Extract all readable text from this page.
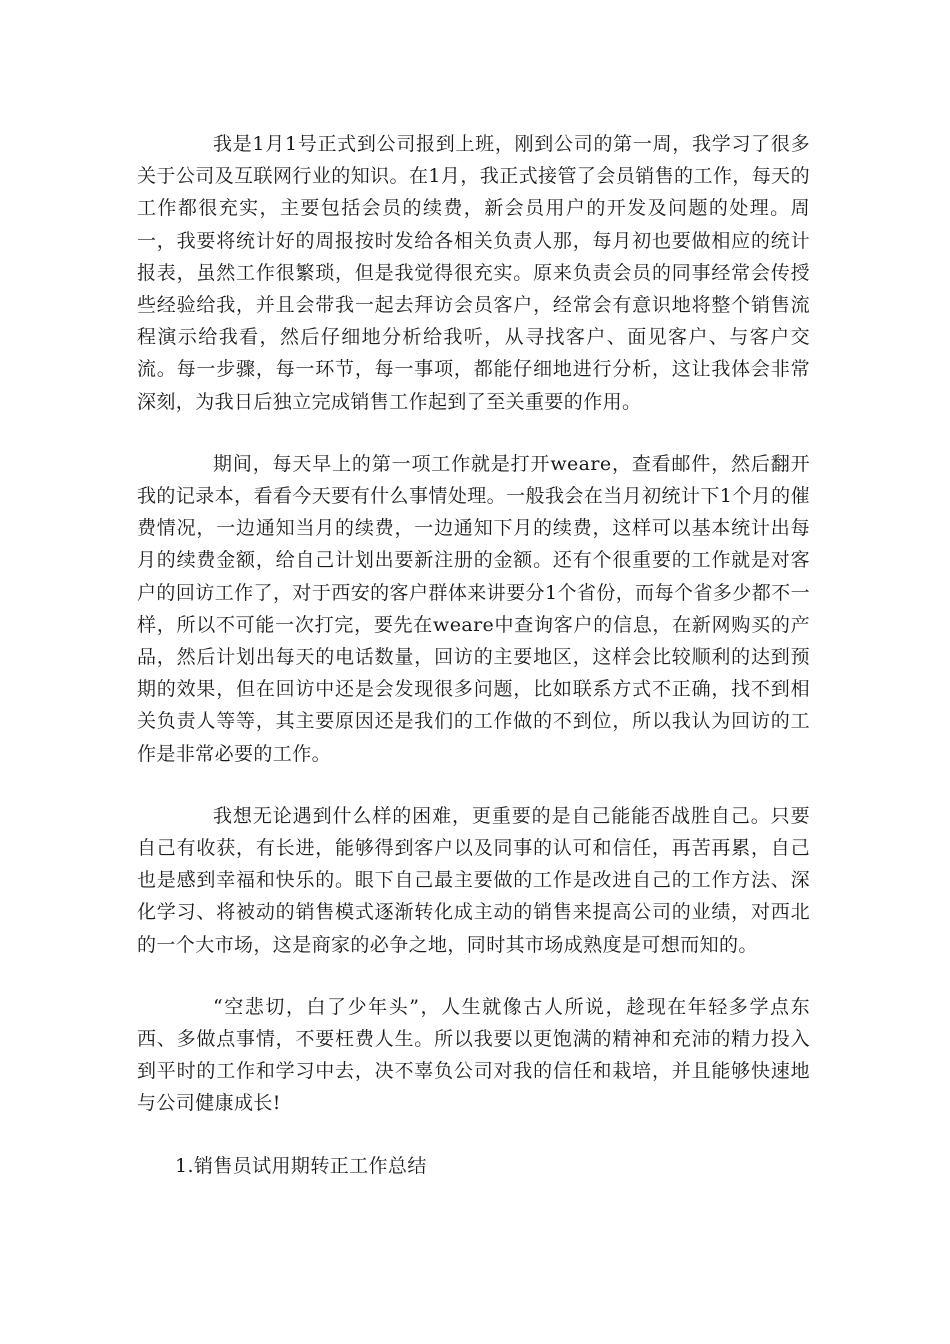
我是1月1号正式到公司报到上班，刚到公司的第一周，我学习了很多关于公司及互联网行业的知识。在1月，我正式接管了会员销售的工作，每天的工作都很充实，主要包括会员的续费，新会员用户的开发及问题的处理。周一，我要将统计好的周报按时发给各相关负责人那，每月初也要做相应的统计报表，虽然工作很繁琐，但是我觉得很充实。原来负责会员的同事经常会传授些经验给我，并且会带我一起去拜访会员客户，经常会有意识地将整个销售流程演示给我看，然后仔细地分析给我听，从寻找客户、面见客户、与客户交流。每一步骤，每一环节，每一事项，都能仔细地进行分析，这让我体会非常深刻，为我日后独立完成销售工作起到了至关重要的作用。

期间，每天早上的第一项工作就是打开weare，查看邮件，然后翻开我的记录本，看看今天要有什么事情处理。一般我会在当月初统计下1个月的催费情况，一边通知当月的续费，一边通知下月的续费，这样可以基本统计出每月的续费金额，给自己计划出要新注册的金额。还有个很重要的工作就是对客户的回访工作了，对于西安的客户群体来讲要分1个省份，而每个省多少都不一样，所以不可能一次打完，要先在weare中查询客户的信息，在新网购买的产品，然后计划出每天的电话数量，回访的主要地区，这样会比较顺利的达到预期的效果，但在回访中还是会发现很多问题，比如联系方式不正确，找不到相关负责人等等，其主要原因还是我们的工作做的不到位，所以我认为回访的工作是非常必要的工作。

我想无论遇到什么样的困难，更重要的是自己能能否战胜自己。只要自己有收获，有长进，能够得到客户以及同事的认可和信任，再苦再累，自己也是感到幸福和快乐的。眼下自己最主要做的工作是改进自己的工作方法、深化学习、将被动的销售模式逐渐转化成主动的销售来提高公司的业绩，对西北的一个大市场，这是商家的必争之地，同时其市场成熟度是可想而知的。

“空悲切，白了少年头”，人生就像古人所说，趁现在年轻多学点东西、多做点事情，不要枉费人生。所以我要以更饱满的精神和充沛的精力投入到平时的工作和学习中去，决不辜负公司对我的信任和栽培，并且能够快速地与公司健康成长!

1.销售员试用期转正工作总结
